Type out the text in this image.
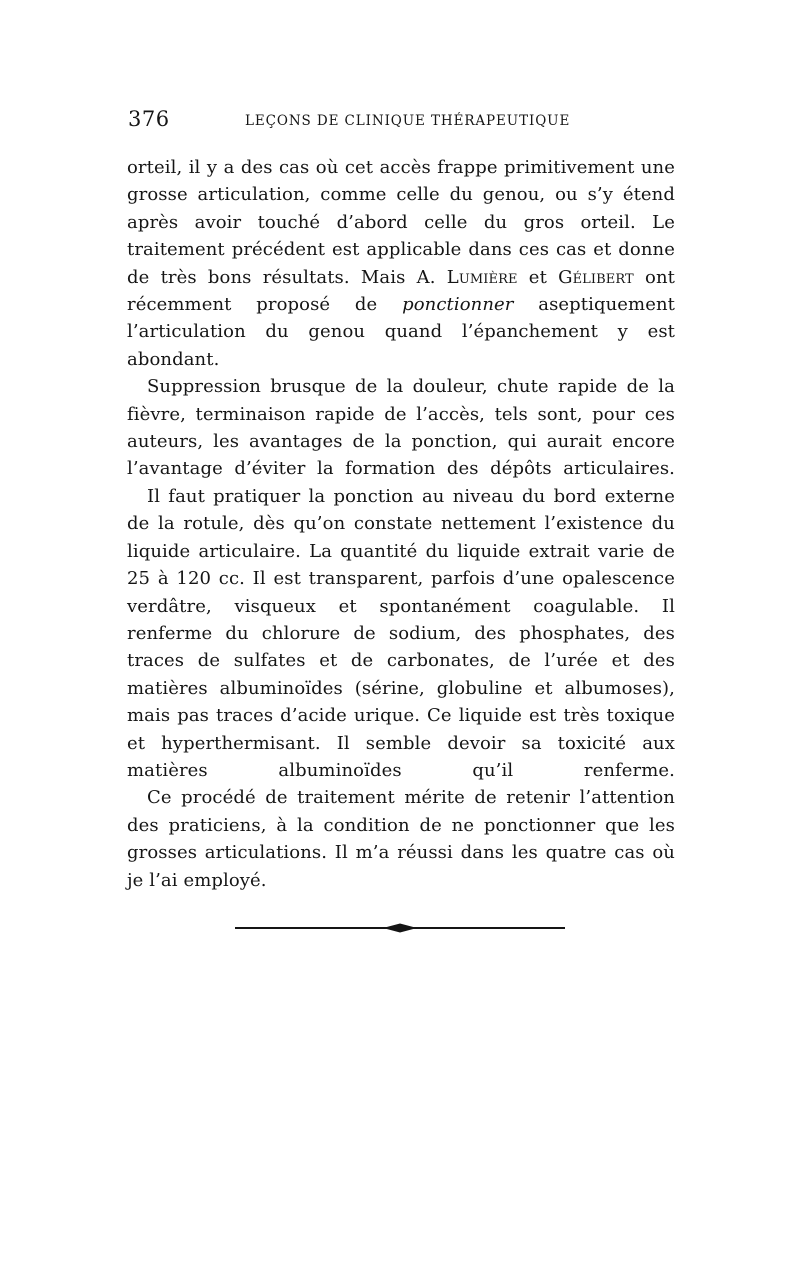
376	LEÇONS DE CLINIQUE THÉRAPEUTIQUE

orteil, il y a des cas où cet accès frappe primitivement une grosse articulation, comme celle du genou, ou s’y étend après avoir touché d’abord celle du gros orteil. Le traitement précédent est applicable dans ces cas et donne de très bons résultats. Mais A. Lumière et Gélibert ont récemment proposé de ponctionner aseptiquement l’articulation du genou quand l’épanchement y est abondant.

Suppression brusque de la douleur, chute rapide de la fièvre, terminaison rapide de l’accès, tels sont, pour ces auteurs, les avantages de la ponction, qui aurait encore l’avantage d’éviter la formation des dépôts articulaires.

Il faut pratiquer la ponction au niveau du bord externe de la rotule, dès qu’on constate nettement l’existence du liquide articulaire. La quantité du liquide extrait varie de 25 à 120 cc. Il est transparent, parfois d’une opalescence verdâtre, visqueux et spontanément coagulable. Il renferme du chlorure de sodium, des phosphates, des traces de sulfates et de carbonates, de l’urée et des matières albuminoïdes (sérine, globuline et albumoses), mais pas traces d’acide urique. Ce liquide est très toxique et hyperthermisant. Il semble devoir sa toxicité aux matières albuminoïdes qu’il renferme.

Ce procédé de traitement mérite de retenir l’attention des praticiens, à la condition de ne ponctionner que les grosses articulations. Il m’a réussi dans les quatre cas où je l’ai employé.
